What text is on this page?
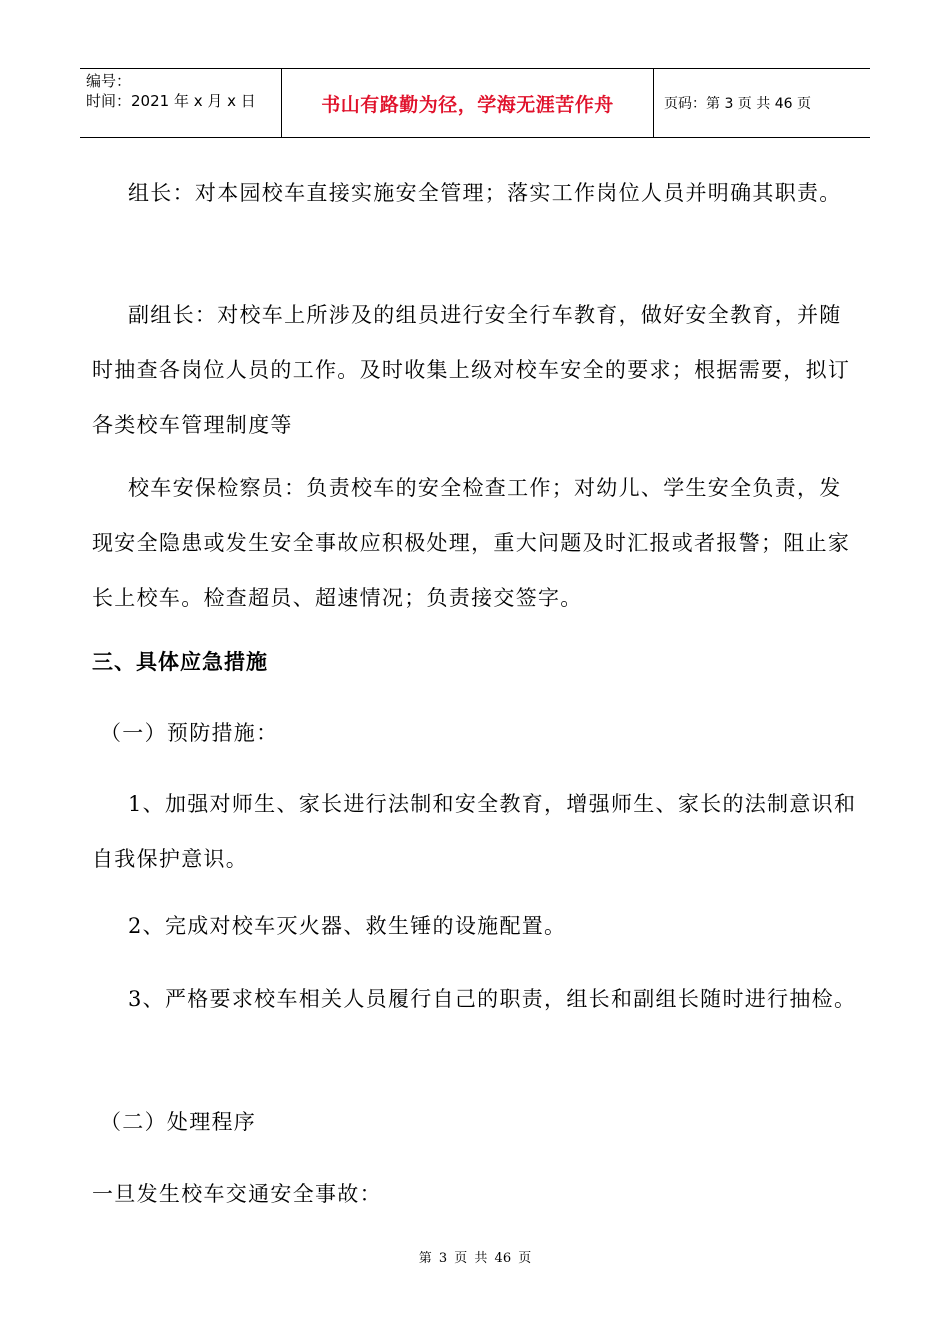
编号：
时间：2021 年 x 月 x 日	书山有路勤为径，学海无涯苦作舟	页码：第 3 页 共 46 页

组长：对本园校车直接实施安全管理；落实工作岗位人员并明确其职责。

副组长：对校车上所涉及的组员进行安全行车教育，做好安全教育，并随时抽查各岗位人员的工作。及时收集上级对校车安全的要求；根据需要，拟订各类校车管理制度等

校车安保检察员：负责校车的安全检查工作；对幼儿、学生安全负责，发现安全隐患或发生安全事故应积极处理，重大问题及时汇报或者报警；阻止家长上校车。检查超员、超速情况；负责接交签字。

三、具体应急措施
（一）预防措施：

1、加强对师生、家长进行法制和安全教育，增强师生、家长的法制意识和自我保护意识。

2、完成对校车灭火器、救生锤的设施配置。

3、严格要求校车相关人员履行自己的职责，组长和副组长随时进行抽检。

（二）处理程序
一旦发生校车交通安全事故：
第 3 页 共 46 页
